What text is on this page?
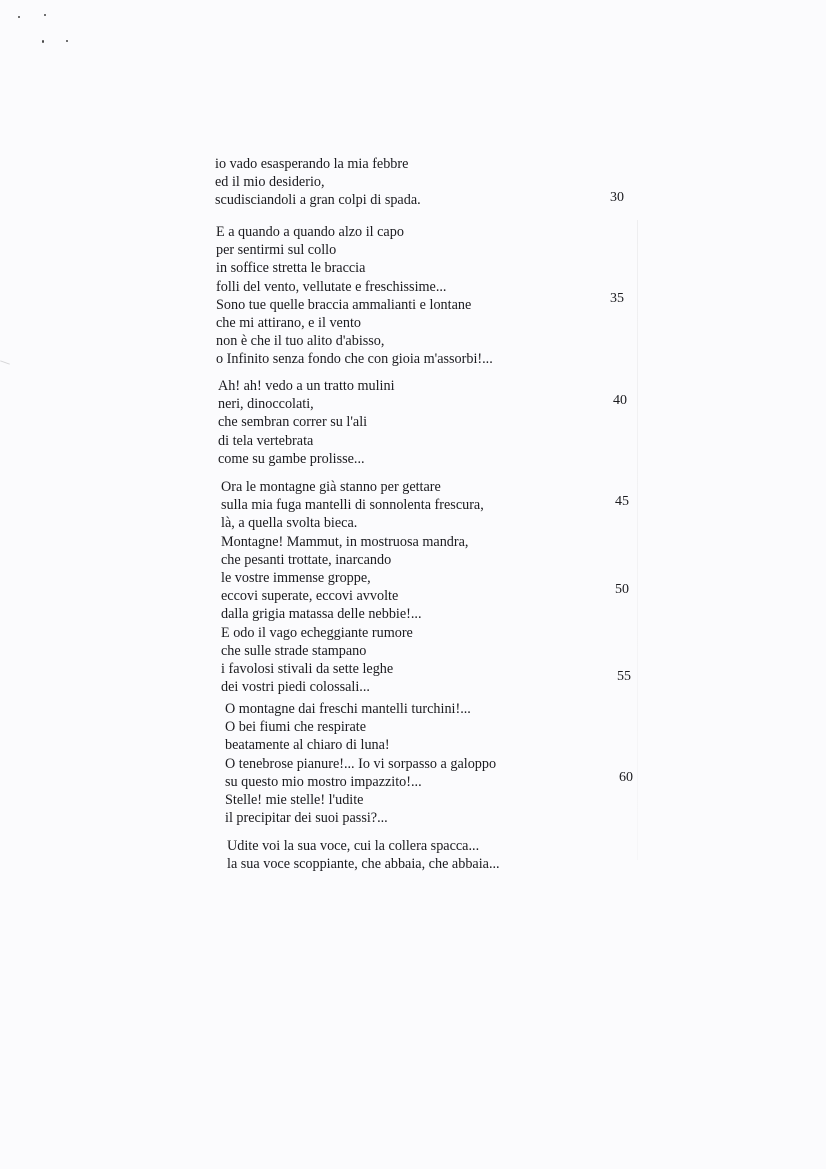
io vado esasperando la mia febbre
ed il mio desiderio,
scudisciandoli a gran colpi di spada.
E a quando a quando alzo il capo
per sentirmi sul collo
in soffice stretta le braccia
folli del vento, vellutate e freschissime...
Sono tue quelle braccia ammalianti e lontane
che mi attirano, e il vento
non è che il tuo alito d'abisso,
o Infinito senza fondo che con gioia m'assorbi!...
Ah! ah! vedo a un tratto mulini
neri, dinoccolati,
che sembran correr su l'ali
di tela vertebrata
come su gambe prolisse...
Ora le montagne già stanno per gettare
sulla mia fuga mantelli di sonnolenta frescura,
là, a quella svolta bieca.
Montagne! Mammut, in mostruosa mandra,
che pesanti trottate, inarcando
le vostre immense groppe,
eccovi superate, eccovi avvolte
dalla grigia matassa delle nebbie!...
E odo il vago echeggiante rumore
che sulle strade stampano
i favolosi stivali da sette leghe
dei vostri piedi colossali...
O montagne dai freschi mantelli turchini!...
O bei fiumi che respirate
beatamente al chiaro di luna!
O tenebrose pianure!... Io vi sorpasso a galoppo
su questo mio mostro impazzito!...
Stelle! mie stelle! l'udite
il precipitar dei suoi passi?...
Udite voi la sua voce, cui la collera spacca...
la sua voce scoppiante, che abbaia, che abbaia...
30
35
40
45
50
55
60
